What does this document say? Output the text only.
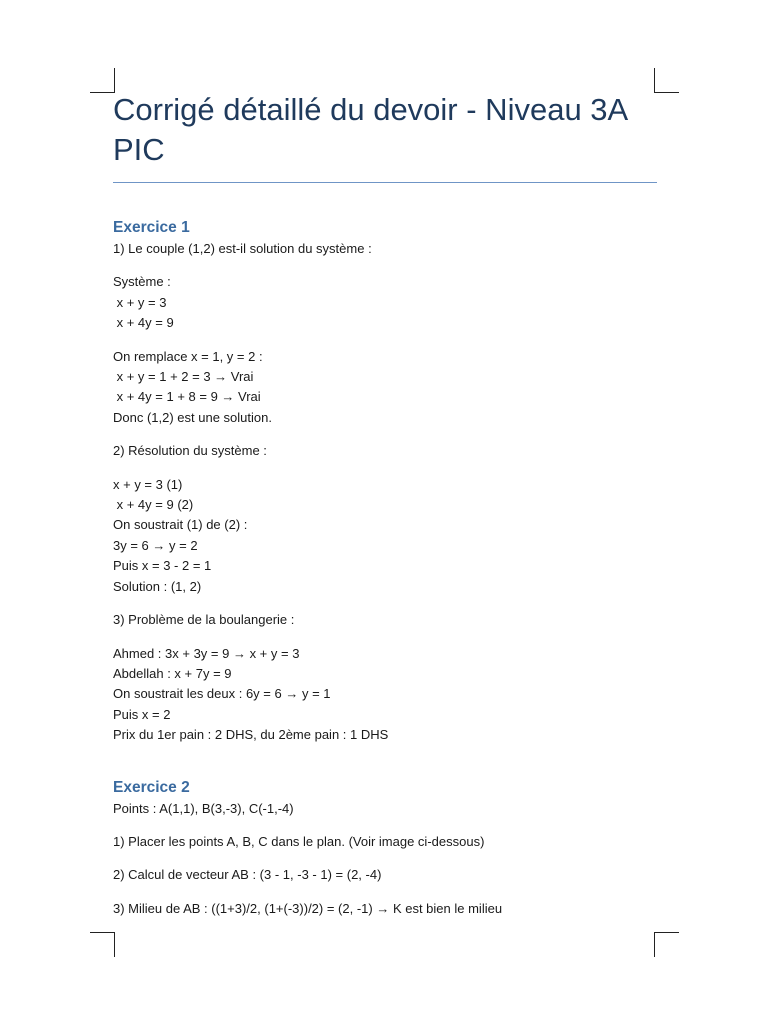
Corrigé détaillé du devoir - Niveau 3A PIC
Exercice 1
1) Le couple (1,2) est-il solution du système :
Système :
x + y = 3
x + 4y = 9
On remplace x = 1, y = 2 :
x + y = 1 + 2 = 3 → Vrai
x + 4y = 1 + 8 = 9 → Vrai
Donc (1,2) est une solution.
2) Résolution du système :
x + y = 3 (1)
x + 4y = 9 (2)
On soustrait (1) de (2) :
3y = 6 → y = 2
Puis x = 3 - 2 = 1
Solution : (1, 2)
3) Problème de la boulangerie :
Ahmed : 3x + 3y = 9 → x + y = 3
Abdellah : x + 7y = 9
On soustrait les deux : 6y = 6 → y = 1
Puis x = 2
Prix du 1er pain : 2 DHS, du 2ème pain : 1 DHS
Exercice 2
Points : A(1,1), B(3,-3), C(-1,-4)
1) Placer les points A, B, C dans le plan. (Voir image ci-dessous)
2) Calcul de vecteur AB : (3 - 1, -3 - 1) = (2, -4)
3) Milieu de AB : ((1+3)/2, (1+(-3))/2) = (2, -1) → K est bien le milieu
